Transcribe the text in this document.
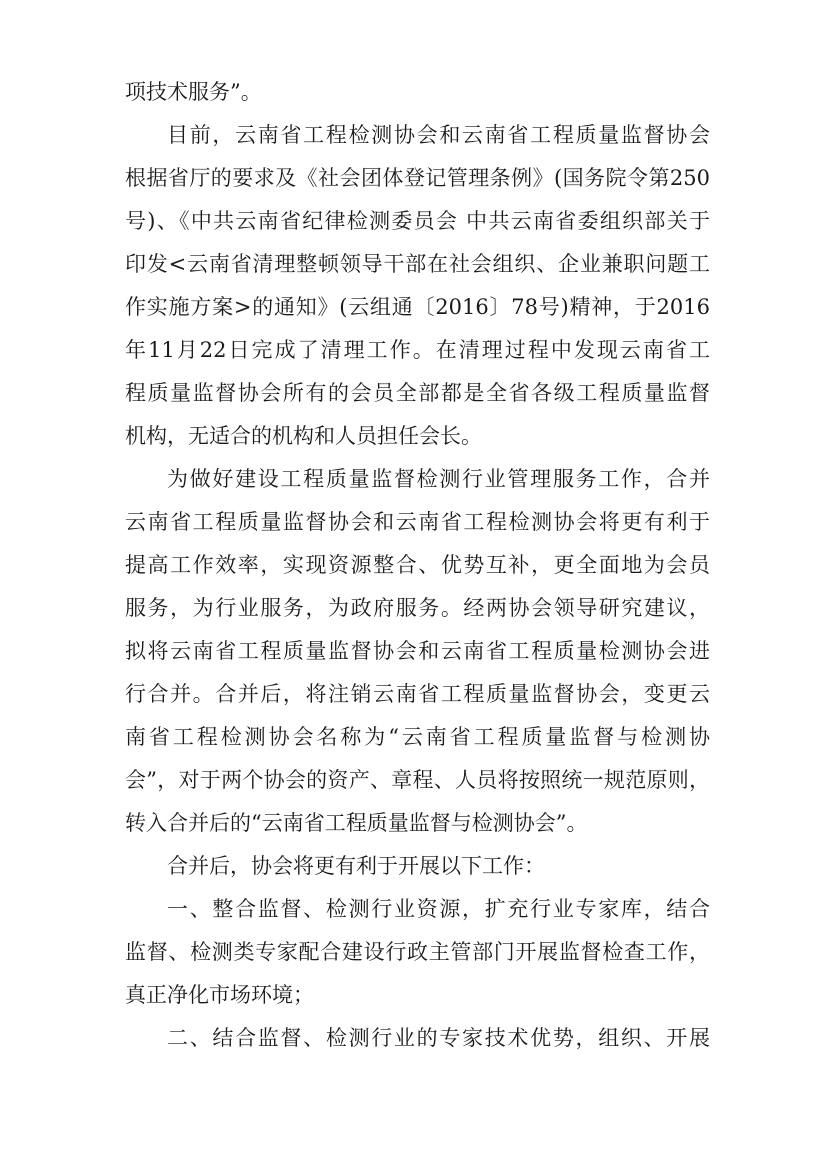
项技术服务”。
目前，云南省工程检测协会和云南省工程质量监督协会
根据省厅的要求及《社会团体登记管理条例》(国务院令第250
号)、《中共云南省纪律检测委员会 中共云南省委组织部关于
印发<云南省清理整顿领导干部在社会组织、企业兼职问题工
作实施方案>的通知》(云组通〔2016〕78号)精神，于2016
年11月22日完成了清理工作。在清理过程中发现云南省工
程质量监督协会所有的会员全部都是全省各级工程质量监督
机构，无适合的机构和人员担任会长。
为做好建设工程质量监督检测行业管理服务工作，合并
云南省工程质量监督协会和云南省工程检测协会将更有利于
提高工作效率，实现资源整合、优势互补，更全面地为会员
服务，为行业服务，为政府服务。经两协会领导研究建议，
拟将云南省工程质量监督协会和云南省工程质量检测协会进
行合并。合并后，将注销云南省工程质量监督协会，变更云
南省工程检测协会名称为“云南省工程质量监督与检测协
会”，对于两个协会的资产、章程、人员将按照统一规范原则，
转入合并后的“云南省工程质量监督与检测协会”。
合并后，协会将更有利于开展以下工作：
一、整合监督、检测行业资源，扩充行业专家库，结合
监督、检测类专家配合建设行政主管部门开展监督检查工作，
真正净化市场环境；
二、结合监督、检测行业的专家技术优势，组织、开展
